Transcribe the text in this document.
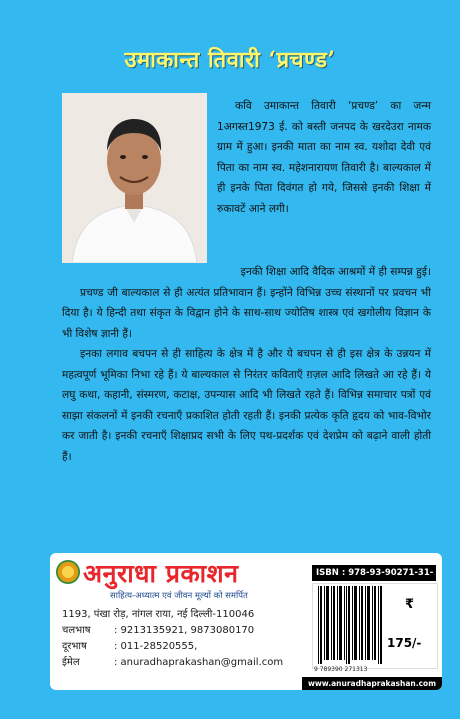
उमाकान्त तिवारी ‘प्रचण्ड’

कवि उमाकान्त तिवारी ‘प्रचण्ड’ का जन्म 1अगस्त1973 ई. को बस्ती जनपद के खरदेउरा नामक ग्राम में हुआ। इनकी माता का नाम स्व. यशोदा देवी एवं पिता का नाम स्व. महेशनारायण तिवारी है। बाल्यकाल में ही इनके पिता दिवंगत हो गये, जिससे इनकी शिक्षा में रुकावटें आने लगी।

इनकी शिक्षा आदि वैदिक आश्रमों में ही सम्पन्न हुई।

प्रचण्ड जी बाल्यकाल से ही अत्यंत प्रतिभावान हैं। इन्होंने विभिन्न उच्च संस्थानों पर प्रवचन भी दिया है। ये हिन्दी तथा संकृत के विद्वान होने के साथ-साथ ज्योतिष शास्त्र एवं खगोलीय विज्ञान के भी विशेष ज्ञानी हैं।

इनका लगाव बचपन से ही साहित्य के क्षेत्र में है और ये बचपन से ही इस क्षेत्र के उन्नयन में महत्वपूर्ण भूमिका निभा रहे हैं। ये बाल्यकाल से निरंतर कविताएँ ग़ज़ल आदि लिखते आ रहे हैं। ये लघु कथा, कहानी, संस्मरण, कटाक्ष, उपन्यास आदि भी लिखते रहते हैं। विभिन्न समाचार पत्रों एवं साझा संकलनों में इनकी रचनाएँ प्रकाशित होती रहती हैं। इनकी प्रत्येक कृति हृदय को भाव-विभोर कर जाती है। इनकी रचनाएँ शिक्षाप्रद सभी के लिए पथ-प्रदर्शक एवं देशप्रेम को बढ़ाने वाली होती हैं।

अनुराधा प्रकाशन
साहित्य-अध्यात्म एवं जीवन मूल्यों को समर्पित
1193, पंखा रोड़, नांगल राया, नई दिल्ली-110046
चलभाष : 9213135921, 9873080170
दूरभाष	: 011-28520555,
ईमेल	: anuradhaprakashan@gmail.com
ISBN : 978-93-90271-31-
₹
175/-
9 789390 271313
www.anuradhaprakashan.com
